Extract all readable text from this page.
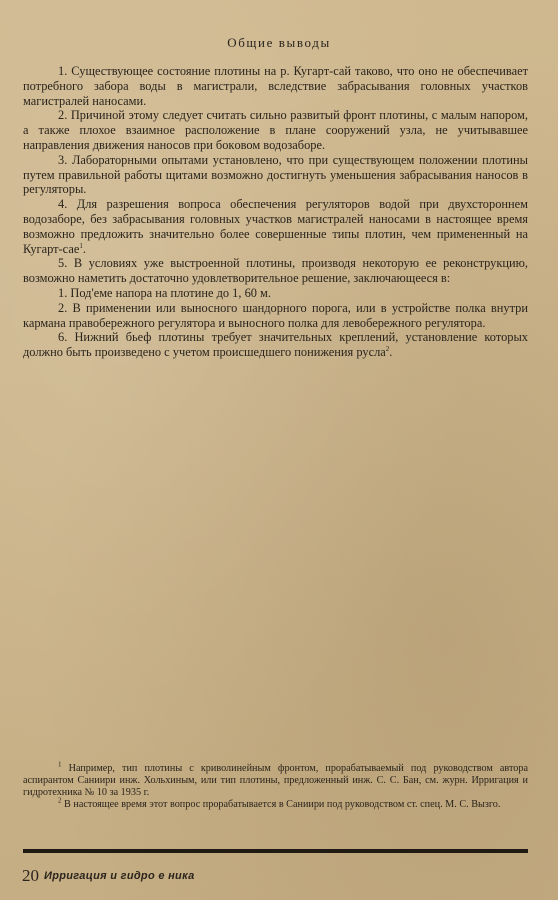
Общие выводы

1. Существующее состояние плотины на р. Кугарт-сай таково, что оно не обеспечивает потребного забора воды в магистрали, вследствие забрасывания головных участков магистралей наносами.

2. Причиной этому следует считать сильно развитый фронт плотины, с малым напором, а также плохое взаимное расположение в плане сооружений узла, не учитывавшее направления движения наносов при бокoвом водозаборе.

3. Лабораторными опытами установлено, что при существующем положении плотины путем правильной работы щитами возможно достигнуть уменьшения забрасывания наносов в регуляторы.

4. Для разрешения вопроса обеспечения регуляторов водой при двухстороннем водозаборе, без забрасывания головных участков магистралей наносами в настоящее время возможно предложить значительно более совершенные типы плотин, чем примененный на Кугарт-сае$^1$.

5. В условиях уже выстроенной плотины, производя некоторую ее реконструкцию, возможно наметить достаточно удовлетворительное решение, заключающееся в:

1. Под'еме напора на плотине до 1, 60 м.

2. В применении или выносного шандорного порога, или в устройстве полка внутри кармана правобережного регулятора и выносного полка для левобережного регулятора.

6. Нижний бьеф плотины требует значительных креплений, установление которых должно быть произведено с учетом происшедшего понижения русла$^2$.

$^1$ Например, тип плотины с криволинейным фронтом, прорабатываемый под руководством автора аспирантом Саниири инж. Хольхиным, или тип плотины, предложенный инж. С. С. Бан, см. журн. Ирригация и гидротехника № 10 за 1935 г.

$^2$ В настоящее время этот вопрос прорабатывается в Саниири под руководством ст. спец. М. С. Вызго.

20 Ирригация и гидро е ника
